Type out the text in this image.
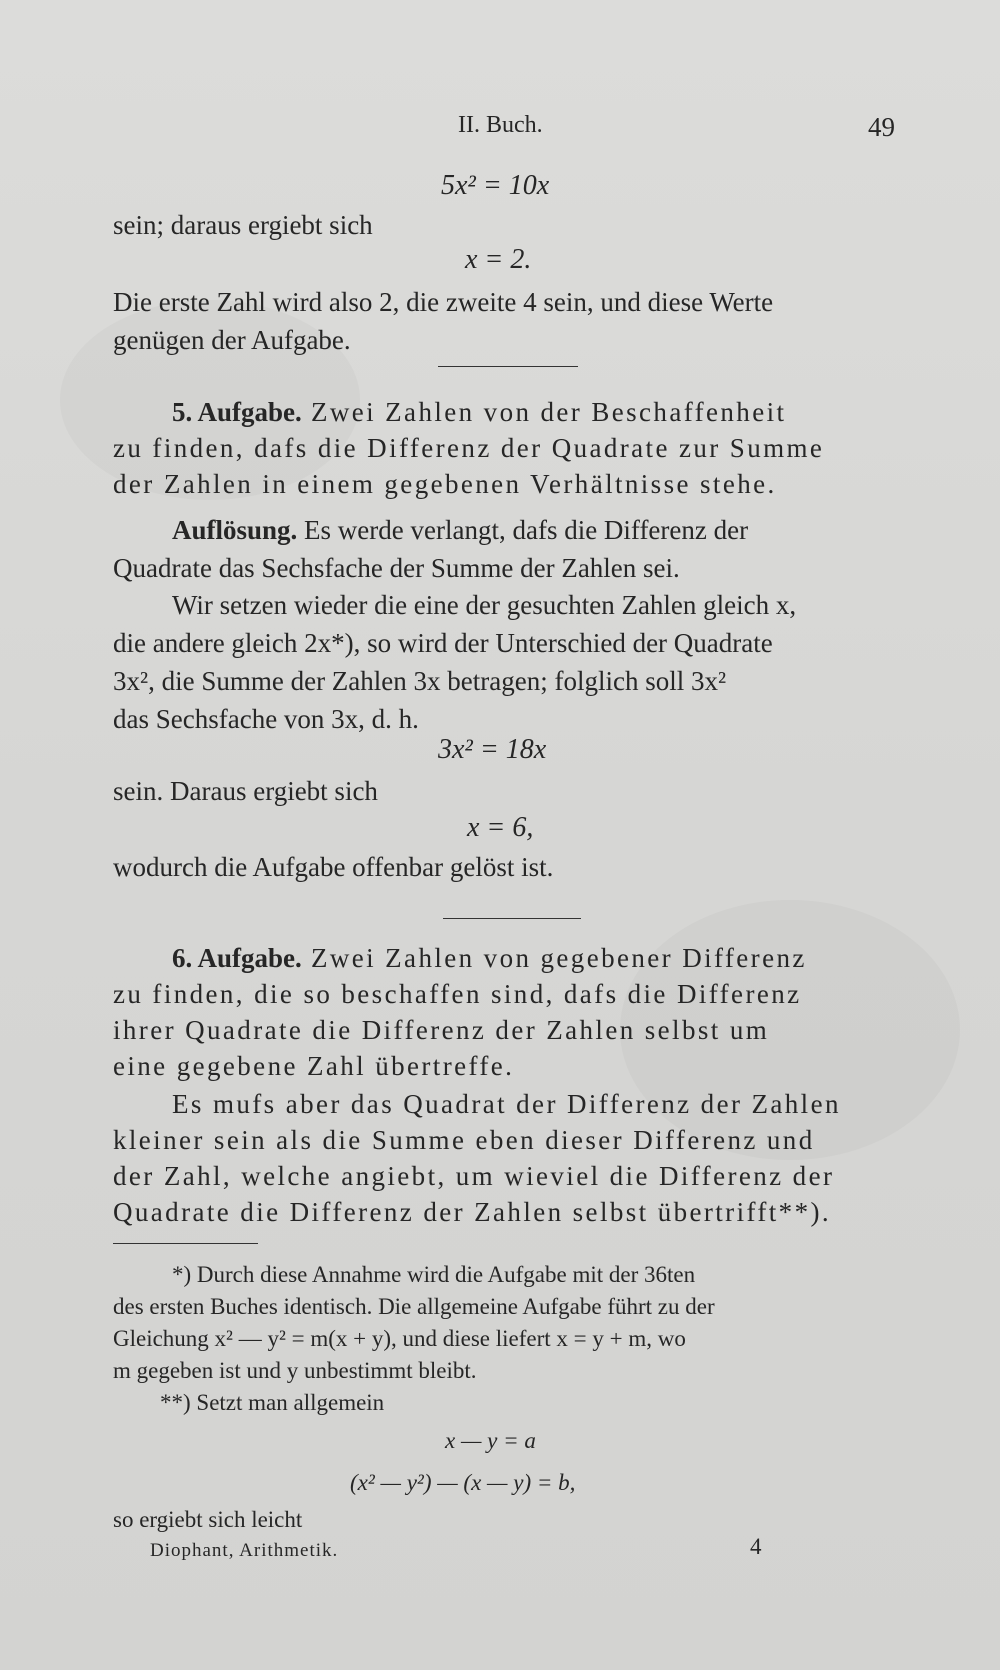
II. Buch.	49
5x² = 10x
sein; daraus ergiebt sich
x = 2.
Die erste Zahl wird also 2, die zweite 4 sein, und diese Werte
genügen der Aufgabe.
5. Aufgabe. Zwei Zahlen von der Beschaffenheit
zu finden, dafs die Differenz der Quadrate zur Summe
der Zahlen in einem gegebenen Verhältnisse stehe.
Auflösung. Es werde verlangt, dafs die Differenz der
Quadrate das Sechsfache der Summe der Zahlen sei.
Wir setzen wieder die eine der gesuchten Zahlen gleich x,
die andere gleich 2x*), so wird der Unterschied der Quadrate
3x², die Summe der Zahlen 3x betragen; folglich soll 3x²
das Sechsfache von 3x, d. h.
3x² = 18x
sein. Daraus ergiebt sich
x = 6,
wodurch die Aufgabe offenbar gelöst ist.
6. Aufgabe. Zwei Zahlen von gegebener Differenz
zu finden, die so beschaffen sind, dafs die Differenz
ihrer Quadrate die Differenz der Zahlen selbst um
eine gegebene Zahl übertreffe.
Es mufs aber das Quadrat der Differenz der Zahlen
kleiner sein als die Summe eben dieser Differenz und
der Zahl, welche angiebt, um wieviel die Differenz der
Quadrate die Differenz der Zahlen selbst übertrifft**).
*) Durch diese Annahme wird die Aufgabe mit der 36ten
des ersten Buches identisch. Die allgemeine Aufgabe führt zu der
Gleichung x² — y² = m(x + y), und diese liefert x = y + m, wo
m gegeben ist und y unbestimmt bleibt.
**) Setzt man allgemein
x — y = a
(x² — y²) — (x — y) = b,
so ergiebt sich leicht
Diophant, Arithmetik.	4
